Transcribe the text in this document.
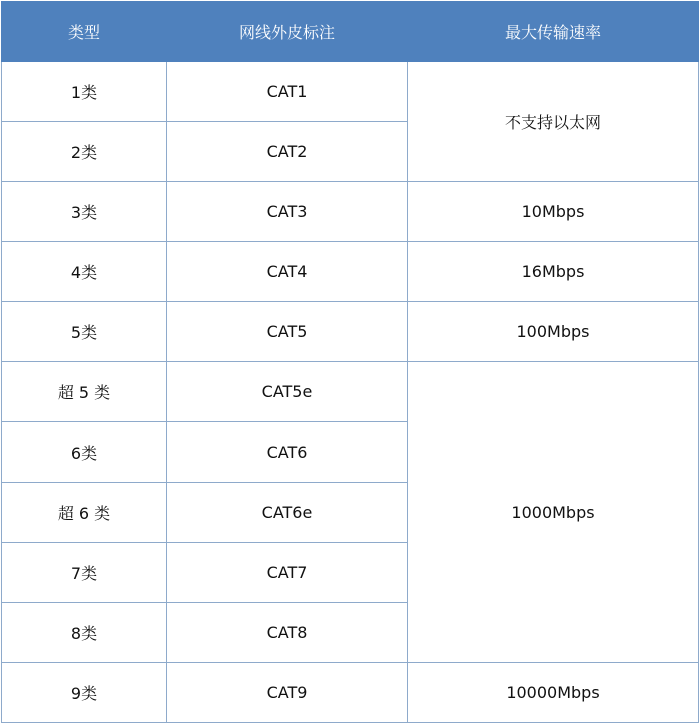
类型	网线外皮标注	最大传输速率
1类	CAT1	不支持以太网
2类	CAT2	
3类	CAT3	10Mbps
4类	CAT4	16Mbps
5类	CAT5	100Mbps
超 5 类	CAT5e	1000Mbps
6类	CAT6	
超 6 类	CAT6e	
7类	CAT7	
8类	CAT8	
9类	CAT9	10000Mbps
